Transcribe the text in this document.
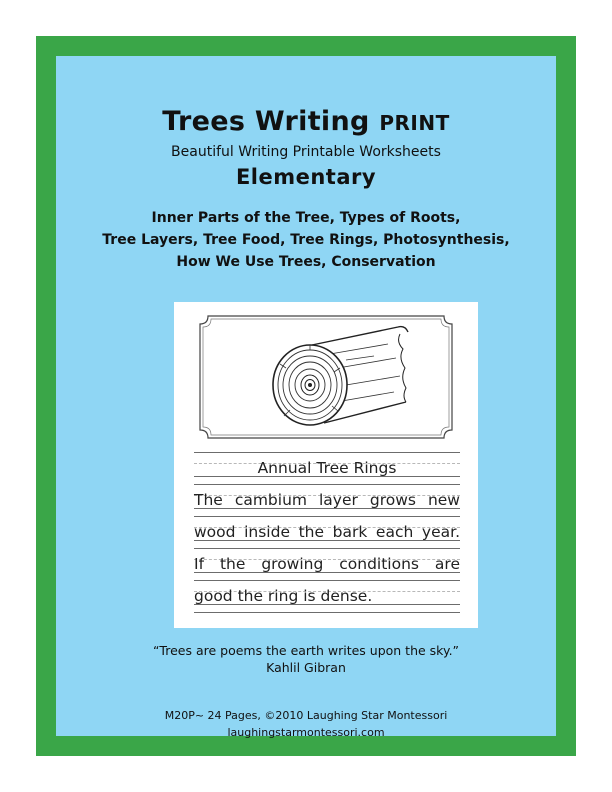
Trees Writing PRINT
Beautiful Writing Printable Worksheets
Elementary
Inner Parts of the Tree, Types of Roots,
Tree Layers, Tree Food, Tree Rings, Photosynthesis,
How We Use Trees, Conservation
Annual Tree Rings
The cambium layer grows new
wood inside the bark each year.
If the growing conditions are
good the ring is dense.
“Trees are poems the earth writes upon the sky.”
Kahlil Gibran
M20P~ 24 Pages, ©2010 Laughing Star Montessori
laughingstarmontessori.com
